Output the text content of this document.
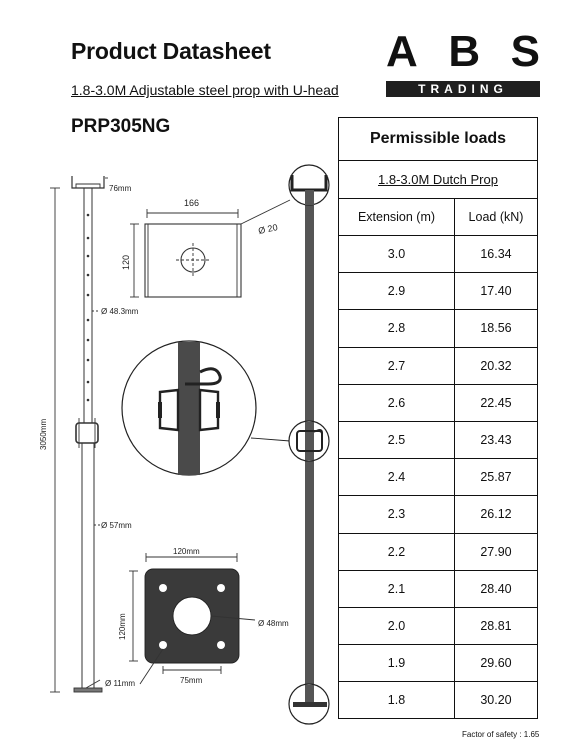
Product Datasheet
1.8-3.0M Adjustable steel prop with U-head
PRP305NG
A B S
TRADING
76mm
Ø 48.3mm
Ø 57mm
Ø 11mm
3050mm
166
120
Ø 20
120mm
120mm
75mm
Ø 48mm
Permissible loads	
1.8-3.0M Dutch Prop	
Extension (m)	Load (kN)
3.0	16.34
2.9	17.40
2.8	18.56
2.7	20.32
2.6	22.45
2.5	23.43
2.4	25.87
2.3	26.12
2.2	27.90
2.1	28.40
2.0	28.81
1.9	29.60
1.8	30.20
Factor of safety : 1.65
